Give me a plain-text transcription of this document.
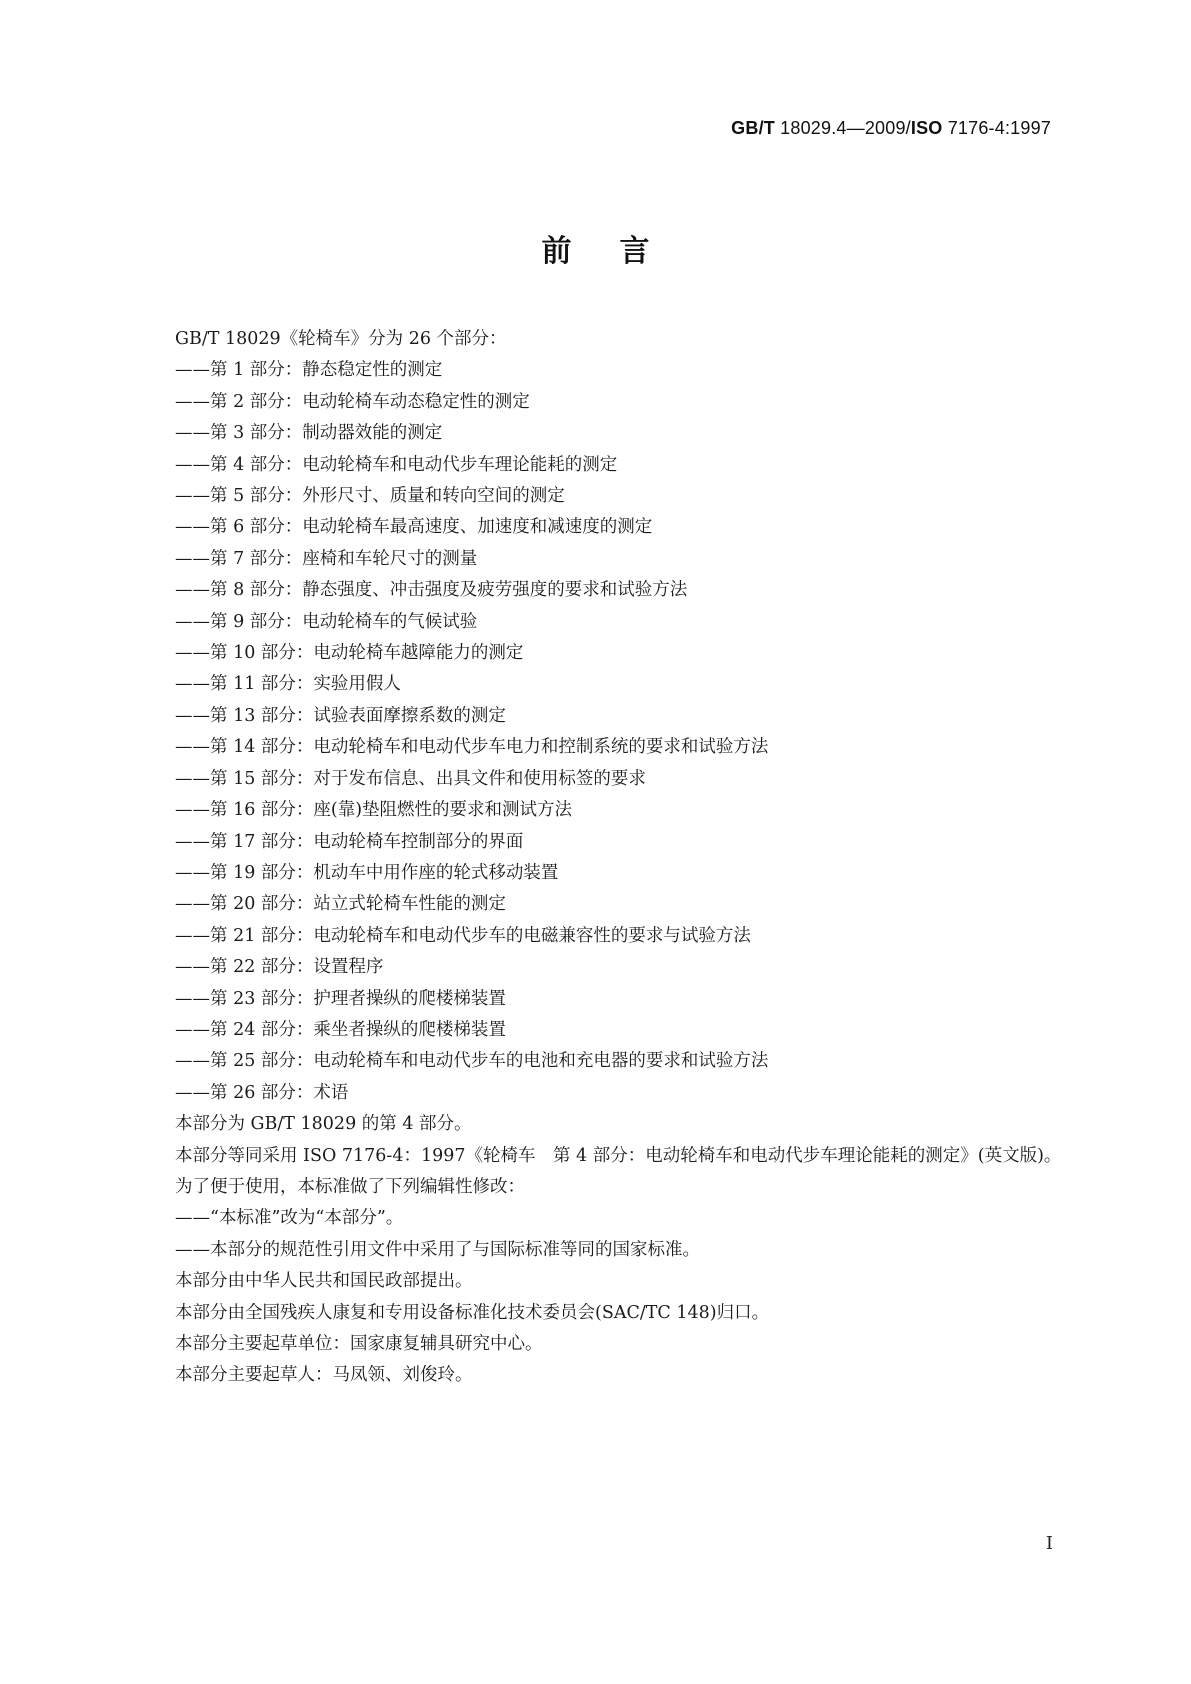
GB/T 18029.4—2009/ISO 7176-4:1997
前言
GB/T 18029《轮椅车》分为 26 个部分：
——第 1 部分：静态稳定性的测定
——第 2 部分：电动轮椅车动态稳定性的测定
——第 3 部分：制动器效能的测定
——第 4 部分：电动轮椅车和电动代步车理论能耗的测定
——第 5 部分：外形尺寸、质量和转向空间的测定
——第 6 部分：电动轮椅车最高速度、加速度和减速度的测定
——第 7 部分：座椅和车轮尺寸的测量
——第 8 部分：静态强度、冲击强度及疲劳强度的要求和试验方法
——第 9 部分：电动轮椅车的气候试验
——第 10 部分：电动轮椅车越障能力的测定
——第 11 部分：实验用假人
——第 13 部分：试验表面摩擦系数的测定
——第 14 部分：电动轮椅车和电动代步车电力和控制系统的要求和试验方法
——第 15 部分：对于发布信息、出具文件和使用标签的要求
——第 16 部分：座(靠)垫阻燃性的要求和测试方法
——第 17 部分：电动轮椅车控制部分的界面
——第 19 部分：机动车中用作座的轮式移动装置
——第 20 部分：站立式轮椅车性能的测定
——第 21 部分：电动轮椅车和电动代步车的电磁兼容性的要求与试验方法
——第 22 部分：设置程序
——第 23 部分：护理者操纵的爬楼梯装置
——第 24 部分：乘坐者操纵的爬楼梯装置
——第 25 部分：电动轮椅车和电动代步车的电池和充电器的要求和试验方法
——第 26 部分：术语
本部分为 GB/T 18029 的第 4 部分。
本部分等同采用 ISO 7176-4：1997《轮椅车　第 4 部分：电动轮椅车和电动代步车理论能耗的测定》(英文版)。
为了便于使用，本标准做了下列编辑性修改：
——“本标准”改为“本部分”。
——本部分的规范性引用文件中采用了与国际标准等同的国家标准。
本部分由中华人民共和国民政部提出。
本部分由全国残疾人康复和专用设备标准化技术委员会(SAC/TC 148)归口。
本部分主要起草单位：国家康复辅具研究中心。
本部分主要起草人：马凤领、刘俊玲。
I
